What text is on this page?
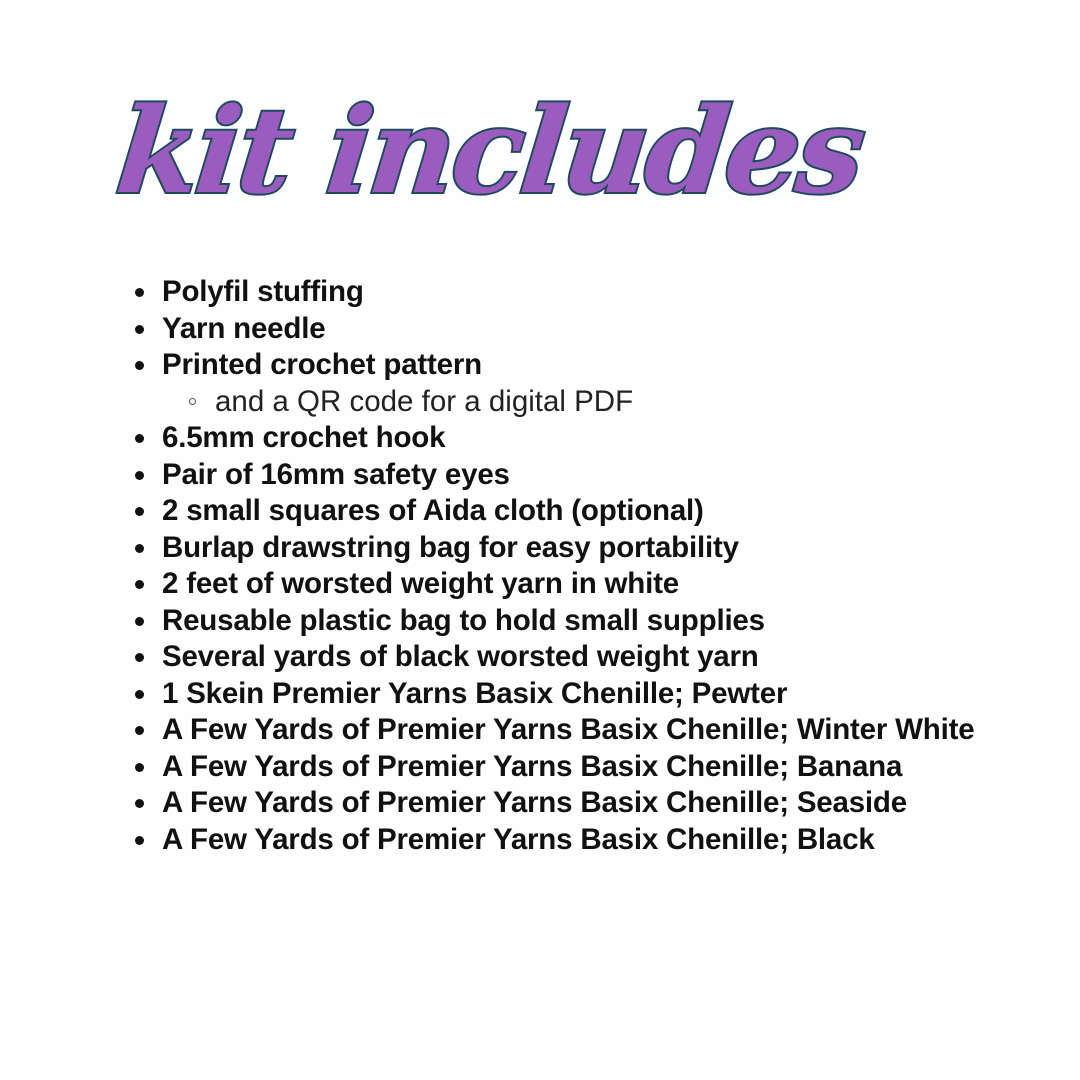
kit includes
Polyfil stuffing
Yarn needle
Printed crochet pattern
and a QR code for a digital PDF
6.5mm crochet hook
Pair of 16mm safety eyes
2 small squares of Aida cloth (optional)
Burlap drawstring bag for easy portability
2 feet of worsted weight yarn in white
Reusable plastic bag to hold small supplies
Several yards of black worsted weight yarn
1 Skein Premier Yarns Basix Chenille; Pewter
A Few Yards of Premier Yarns Basix Chenille; Winter White
A Few Yards of Premier Yarns Basix Chenille; Banana
A Few Yards of Premier Yarns Basix Chenille; Seaside
A Few Yards of Premier Yarns Basix Chenille; Black
